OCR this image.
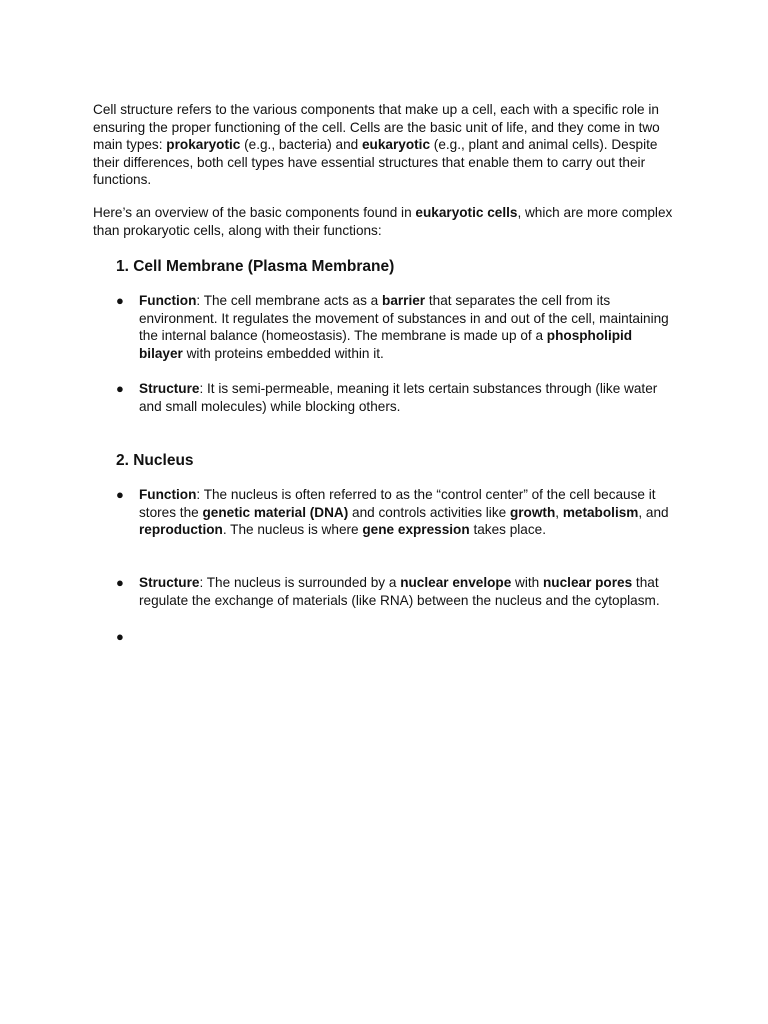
Cell structure refers to the various components that make up a cell, each with a specific role in ensuring the proper functioning of the cell. Cells are the basic unit of life, and they come in two main types: prokaryotic (e.g., bacteria) and eukaryotic (e.g., plant and animal cells). Despite their differences, both cell types have essential structures that enable them to carry out their functions.

Here’s an overview of the basic components found in eukaryotic cells, which are more complex than prokaryotic cells, along with their functions:

1. Cell Membrane (Plasma Membrane)
●	Function: The cell membrane acts as a barrier that separates the cell from its environment. It regulates the movement of substances in and out of the cell, maintaining the internal balance (homeostasis). The membrane is made up of a phospholipid bilayer with proteins embedded within it.
●	Structure: It is semi-permeable, meaning it lets certain substances through (like water and small molecules) while blocking others.
2. Nucleus
●	Function: The nucleus is often referred to as the “control center” of the cell because it stores the genetic material (DNA) and controls activities like growth, metabolism, and reproduction. The nucleus is where gene expression takes place.
●	Structure: The nucleus is surrounded by a nuclear envelope with nuclear pores that regulate the exchange of materials (like RNA) between the nucleus and the cytoplasm.
●
